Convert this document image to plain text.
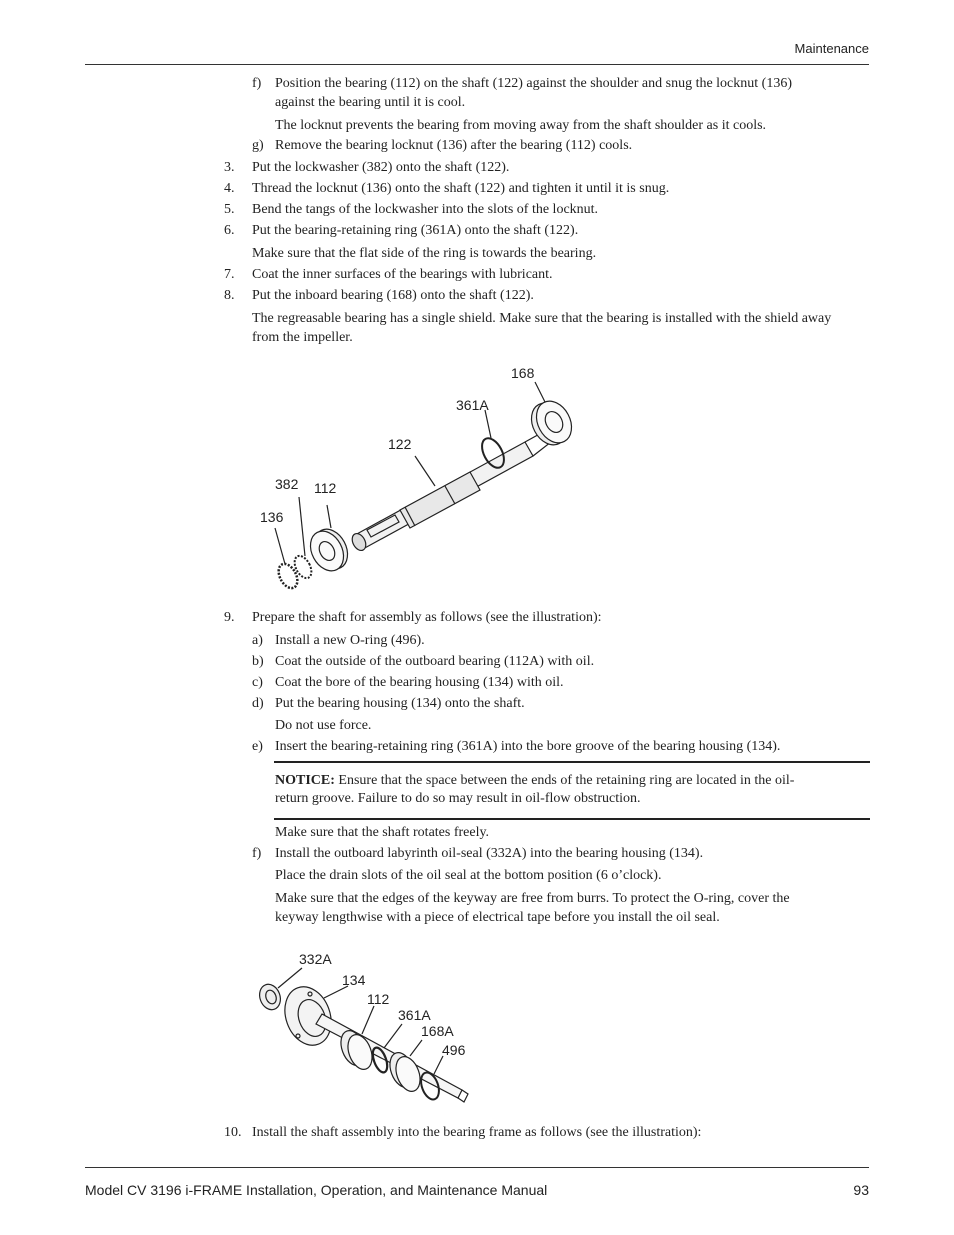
Maintenance
f) Position the bearing (112) on the shaft (122) against the shoulder and snug the locknut (136)
against the bearing until it is cool.
The locknut prevents the bearing from moving away from the shaft shoulder as it cools.
g) Remove the bearing locknut (136) after the bearing (112) cools.
3.	Put the lockwasher (382) onto the shaft (122).
4.	Thread the locknut (136) onto the shaft (122) and tighten it until it is snug.
5.	Bend the tangs of the lockwasher into the slots of the locknut.
6.	Put the bearing-retaining ring (361A) onto the shaft (122).
Make sure that the flat side of the ring is towards the bearing.
7.	Coat the inner surfaces of the bearings with lubricant.
8.	Put the inboard bearing (168) onto the shaft (122).
The regreasable bearing has a single shield. Make sure that the bearing is installed with the shield away
from the impeller.
168
361A
122
382 112
136
9.	Prepare the shaft for assembly as follows (see the illustration):
a) Install a new O-ring (496).
b) Coat the outside of the outboard bearing (112A) with oil.
c) Coat the bore of the bearing housing (134) with oil.
d) Put the bearing housing (134) onto the shaft.
Do not use force.
e) Insert the bearing-retaining ring (361A) into the bore groove of the bearing housing (134).
NOTICE: Ensure that the space between the ends of the retaining ring are located in the oil-
return groove. Failure to do so may result in oil-flow obstruction.
Make sure that the shaft rotates freely.
f) Install the outboard labyrinth oil-seal (332A) into the bearing housing (134).
Place the drain slots of the oil seal at the bottom position (6 o’clock).
Make sure that the edges of the keyway are free from burrs. To protect the O-ring, cover the
keyway lengthwise with a piece of electrical tape before you install the oil seal.
332A
134
112
361A
168A
496
10. Install the shaft assembly into the bearing frame as follows (see the illustration):
Model CV 3196 i-FRAME Installation, Operation, and Maintenance Manual	93
